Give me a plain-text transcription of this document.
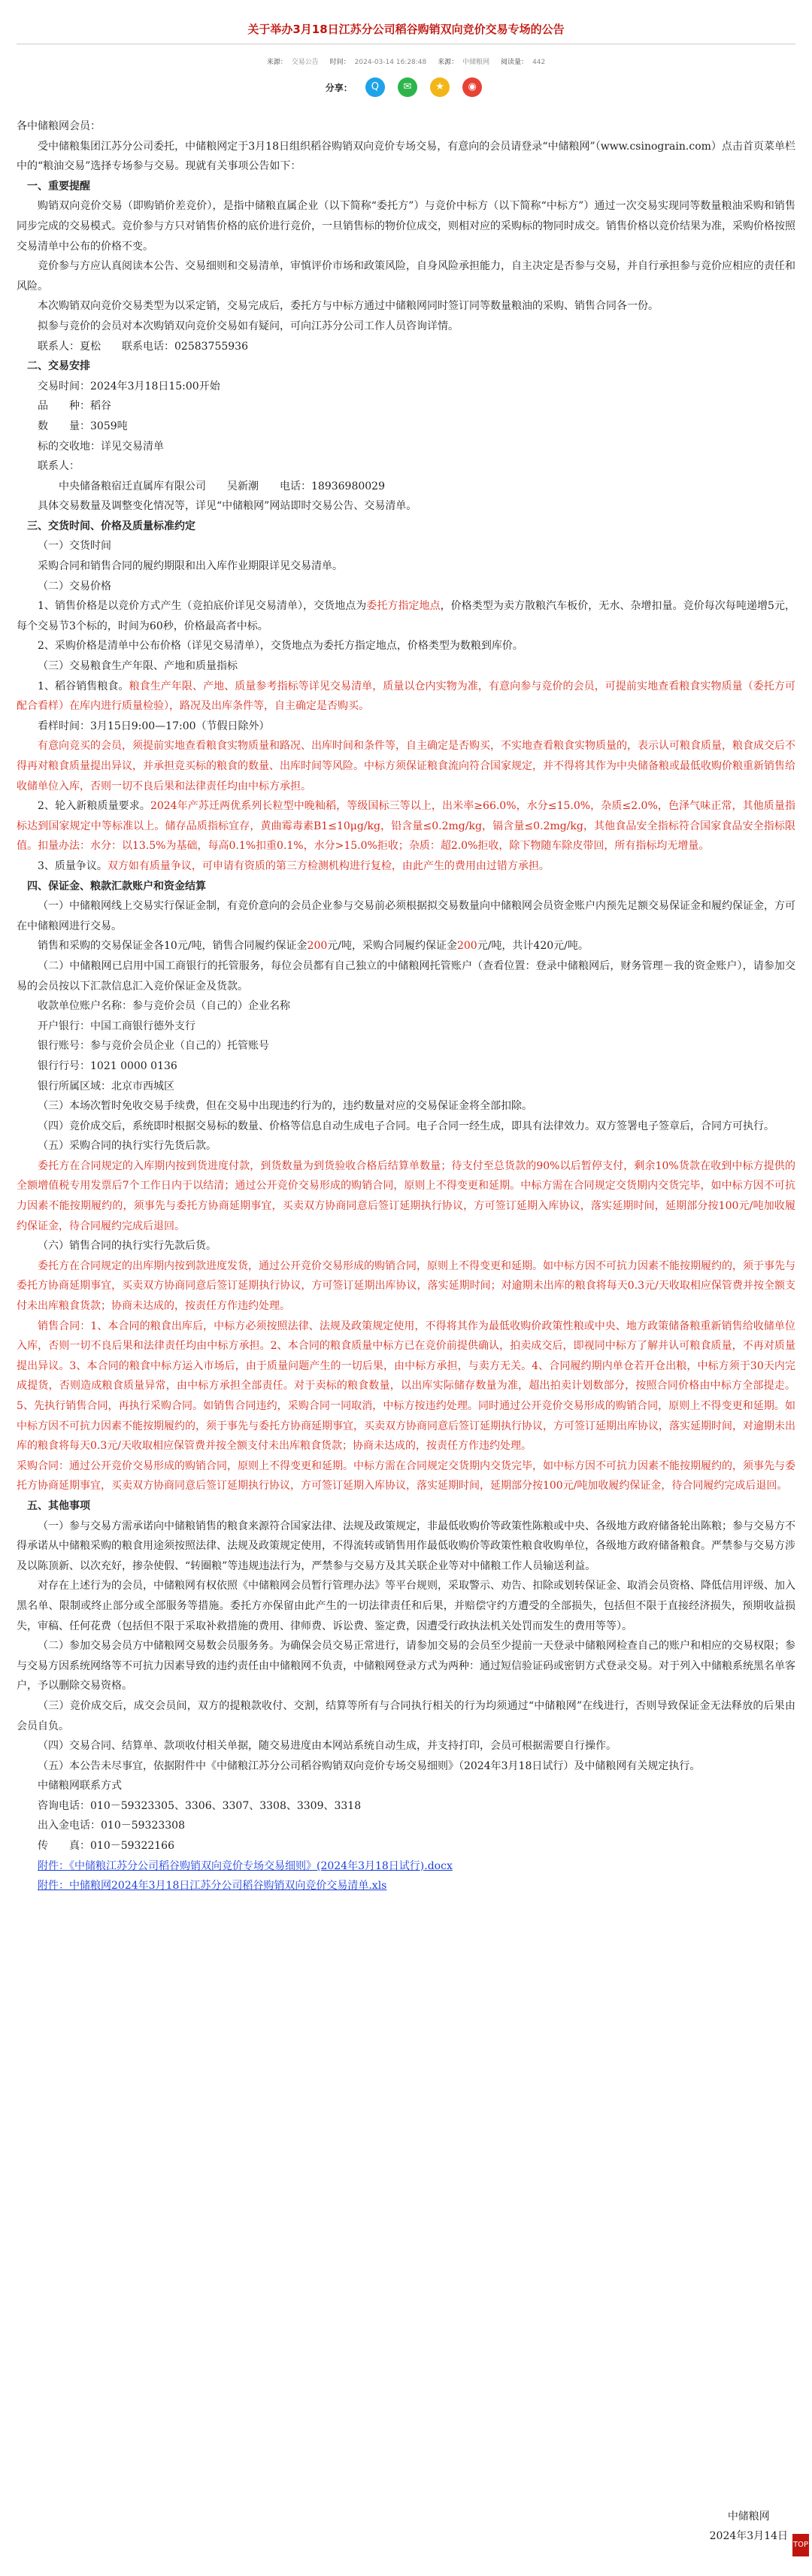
关于举办3月18日江苏分公司稻谷购销双向竞价交易专场的公告
来源： 交易公告 时间： 2024-03-14 16:28:48 来源： 中储粮网 阅读量： 442
分享： Q	✉ ★ ◉
各中储粮网会员：
受中储粮集团江苏分公司委托，中储粮网定于3月18日组织稻谷购销双向竞价专场交易，有意向的会员请登录“中储粮网”（www.csinograin.com）点击首页菜单栏中的“粮油交易”选择专场参与交易。现就有关事项公告如下：
一、重要提醒
购销双向竞价交易（即购销价差竞价），是指中储粮直属企业（以下简称“委托方”）与竞价中标方（以下简称“中标方”）通过一次交易实现同等数量粮油采购和销售同步完成的交易模式。竞价参与方只对销售价格的底价进行竞价，一旦销售标的物价位成交，则相对应的采购标的物同时成交。销售价格以竞价结果为准，采购价格按照交易清单中公布的价格不变。
竞价参与方应认真阅读本公告、交易细则和交易清单，审慎评价市场和政策风险，自身风险承担能力，自主决定是否参与交易，并自行承担参与竞价应相应的责任和风险。
本次购销双向竞价交易类型为以采定销，交易完成后，委托方与中标方通过中储粮网同时签订同等数量粮油的采购、销售合同各一份。
拟参与竞价的会员对本次购销双向竞价交易如有疑问，可向江苏分公司工作人员咨询详情。
联系人：夏松　　联系电话：02583755936
二、交易安排
交易时间：2024年3月18日15:00开始
品　　种：稻谷
数　　量：3059吨
标的交收地：详见交易清单
联系人：
　　中央储备粮宿迁直属库有限公司　　吴新潮　　电话：18936980029
具体交易数量及调整变化情况等，详见“中储粮网”网站即时交易公告、交易清单。
三、交货时间、价格及质量标准约定
（一）交货时间
采购合同和销售合同的履约期限和出入库作业期限详见交易清单。
（二）交易价格
1、销售价格是以竞价方式产生（竞拍底价详见交易清单），交货地点为委托方指定地点，价格类型为卖方散粮汽车板价，无水、杂增扣量。竞价每次每吨递增5元，每个交易节3个标的，时间为60秒，价格最高者中标。
2、采购价格是清单中公布价格（详见交易清单），交货地点为委托方指定地点，价格类型为数粮到库价。
（三）交易粮食生产年限、产地和质量指标
1、稻谷销售粮食。粮食生产年限、产地、质量参考指标等详见交易清单，质量以仓内实物为准，有意向参与竞价的会员，可提前实地查看粮食实物质量（委托方可配合看样）在库内进行质量检验），路况及出库条件等，自主确定是否购买。
看样时间：3月15日9:00—17:00（节假日除外）
有意向竞买的会员，须提前实地查看粮食实物质量和路况、出库时间和条件等，自主确定是否购买，不实地查看粮食实物质量的，表示认可粮食质量，粮食成交后不得再对粮食质量提出异议，并承担竞买标的粮食的数量、出库时间等风险。中标方须保证粮食流向符合国家规定，并不得将其作为中央储备粮或最低收购价粮重新销售给收储单位入库，否则一切不良后果和法律责任均由中标方承担。
2、轮入新粮质量要求。2024年产苏迁两优系列长粒型中晚籼稻，等级国标三等以上，出米率≥66.0%，水分≤15.0%，杂质≤2.0%，色泽气味正常，其他质量指标达到国家规定中等标准以上。储存品质指标宜存，黄曲霉毒素B1≤10μg/kg，铅含量≤0.2mg/kg，镉含量≤0.2mg/kg，其他食品安全指标符合国家食品安全指标限值。扣量办法：水分：以13.5%为基础，每高0.1%扣重0.1%，水分>15.0%拒收；杂质：超2.0%拒收，除下物随车除皮带回，所有指标均无增量。
3、质量争议。双方如有质量争议，可申请有资质的第三方检测机构进行复检，由此产生的费用由过错方承担。
四、保证金、粮款汇款账户和资金结算
（一）中储粮网线上交易实行保证金制，有竞价意向的会员企业参与交易前必须根据拟交易数量向中储粮网会员资金账户内预先足额交易保证金和履约保证金，方可在中储粮网进行交易。
销售和采购的交易保证金各10元/吨，销售合同履约保证金200元/吨，采购合同履约保证金200元/吨，共计420元/吨。
（二）中储粮网已启用中国工商银行的托管服务，每位会员都有自己独立的中储粮网托管账户（查看位置：登录中储粮网后，财务管理－我的资金账户），请参加交易的会员按以下汇款信息汇入竞价保证金及货款。
收款单位账户名称：参与竞价会员（自己的）企业名称
开户银行：中国工商银行德外支行
银行账号：参与竞价会员企业（自己的）托管账号
银行行号：1021 0000 0136
银行所属区域：北京市西城区
（三）本场次暂时免收交易手续费，但在交易中出现违约行为的，违约数量对应的交易保证金将全部扣除。
（四）竞价成交后，系统即时根据交易标的数量、价格等信息自动生成电子合同。电子合同一经生成，即具有法律效力。双方签署电子签章后，合同方可执行。
（五）采购合同的执行实行先货后款。
委托方在合同规定的入库期内按到货进度付款，到货数量为到货验收合格后结算单数量；待支付至总货款的90%以后暂停支付，剩余10%货款在收到中标方提供的全额增值税专用发票后7个工作日内于以结清；通过公开竞价交易形成的购销合同，原则上不得变更和延期。中标方需在合同规定交货期内交货完毕，如中标方因不可抗力因素不能按期履约的，须事先与委托方协商延期事宜，买卖双方协商同意后签订延期执行协议，方可签订延期入库协议，落实延期时间，延期部分按100元/吨加收履约保证金，待合同履约完成后退回。
（六）销售合同的执行实行先款后货。
委托方在合同规定的出库期内按到款进度发货，通过公开竞价交易形成的购销合同，原则上不得变更和延期。如中标方因不可抗力因素不能按期履约的，须于事先与委托方协商延期事宜，买卖双方协商同意后签订延期执行协议，方可签订延期出库协议，落实延期时间；对逾期未出库的粮食将每天0.3元/天收取相应保管费并按全额支付未出库粮食货款；协商未达成的，按责任方作违约处理。
销售合同：1、本合同的粮食出库后，中标方必须按照法律、法规及政策规定使用，不得将其作为最低收购价政策性粮或中央、地方政策储备粮重新销售给收储单位入库，否则一切不良后果和法律责任均由中标方承担。2、本合同的粮食质量中标方已在竞价前提供确认，拍卖成交后，即视同中标方了解并认可粮食质量，不再对质量提出异议。3、本合同的粮食中标方运入市场后，由于质量问题产生的一切后果，由中标方承担，与卖方无关。4、合同履约期内单仓若开仓出粮，中标方须于30天内完成提货，否则造成粮食质量异常，由中标方承担全部责任。对于卖标的粮食数量，以出库实际储存数量为准，超出拍卖计划数部分，按照合同价格由中标方全部提走。5、先执行销售合同，再执行采购合同。如销售合同违约，采购合同一同取消，中标方按违约处理。同时通过公开竞价交易形成的购销合同，原则上不得变更和延期。如中标方因不可抗力因素不能按期履约的，须于事先与委托方协商延期事宜，买卖双方协商同意后签订延期执行协议，方可签订延期出库协议，落实延期时间，对逾期未出库的粮食将每天0.3元/天收取相应保管费并按全额支付未出库粮食货款；协商未达成的，按责任方作违约处理。
采购合同：通过公开竞价交易形成的购销合同，原则上不得变更和延期。中标方需在合同规定交货期内交货完毕，如中标方因不可抗力因素不能按期履约的，须事先与委托方协商延期事宜，买卖双方协商同意后签订延期执行协议，方可签订延期入库协议，落实延期时间，延期部分按100元/吨加收履约保证金，待合同履约完成后退回。
五、其他事项
（一）参与交易方需承诺向中储粮销售的粮食来源符合国家法律、法规及政策规定，非最低收购价等政策性陈粮或中央、各级地方政府储备轮出陈粮；参与交易方不得承诺从中储粮采购的粮食用途须按照法律、法规及政策规定使用，不得流转或销售用作最低收购价等政策性粮食收购单位，各级地方政府储备粮食。严禁参与交易方涉及以陈顶新、以次充好，掺杂使假、“转圈粮”等违规违法行为，严禁参与交易方及其关联企业等对中储粮工作人员输送利益。
对存在上述行为的会员，中储粮网有权依照《中储粮网会员暂行管理办法》等平台规则，采取警示、劝告、扣除或划转保证金、取消会员资格、降低信用评级、加入黑名单、限制或终止部分或全部服务等措施。委托方亦保留由此产生的一切法律责任和后果，并赔偿守约方遭受的全部损失，包括但不限于直接经济损失，预期收益损失，审稿、任何花费（包括但不限于采取补救措施的费用、律师费、诉讼费、鉴定费，因遭受行政执法机关处罚而发生的费用等等）。
（二）参加交易会员方中储粮网交易数会员服务务。为确保会员交易正常进行，请参加交易的会员至少提前一天登录中储粮网检查自己的账户和相应的交易权限；参与交易方因系统网络等不可抗力因素导致的违约责任由中储粮网不负责，中储粮网登录方式为两种：通过短信验证码或密钥方式登录交易。对于列入中储粮系统黑名单客户，予以删除交易资格。
（三）竞价成交后，成交会员间，双方的提粮款收付、交割，结算等所有与合同执行相关的行为均须通过“中储粮网”在线进行，否则导致保证金无法释放的后果由会员自负。
（四）交易合同、结算单、款项收付相关单据，随交易进度由本网站系统自动生成，并支持打印，会员可根据需要自行操作。
（五）本公告未尽事宜，依据附件中《中储粮江苏分公司稻谷购销双向竞价专场交易细则》（2024年3月18日试行）及中储粮网有关规定执行。
中储粮网联系方式
咨询电话：010－59323305、3306、3307、3308、3309、3318
出入金电话：010－59323308
传　　真：010－59322166
附件：《中储粮江苏分公司稻谷购销双向竞价专场交易细则》(2024年3月18日试行).docx
附件：中储粮网2024年3月18日江苏分公司稻谷购销双向竞价交易清单.xls
中储粮网
2024年3月14日
TOP
